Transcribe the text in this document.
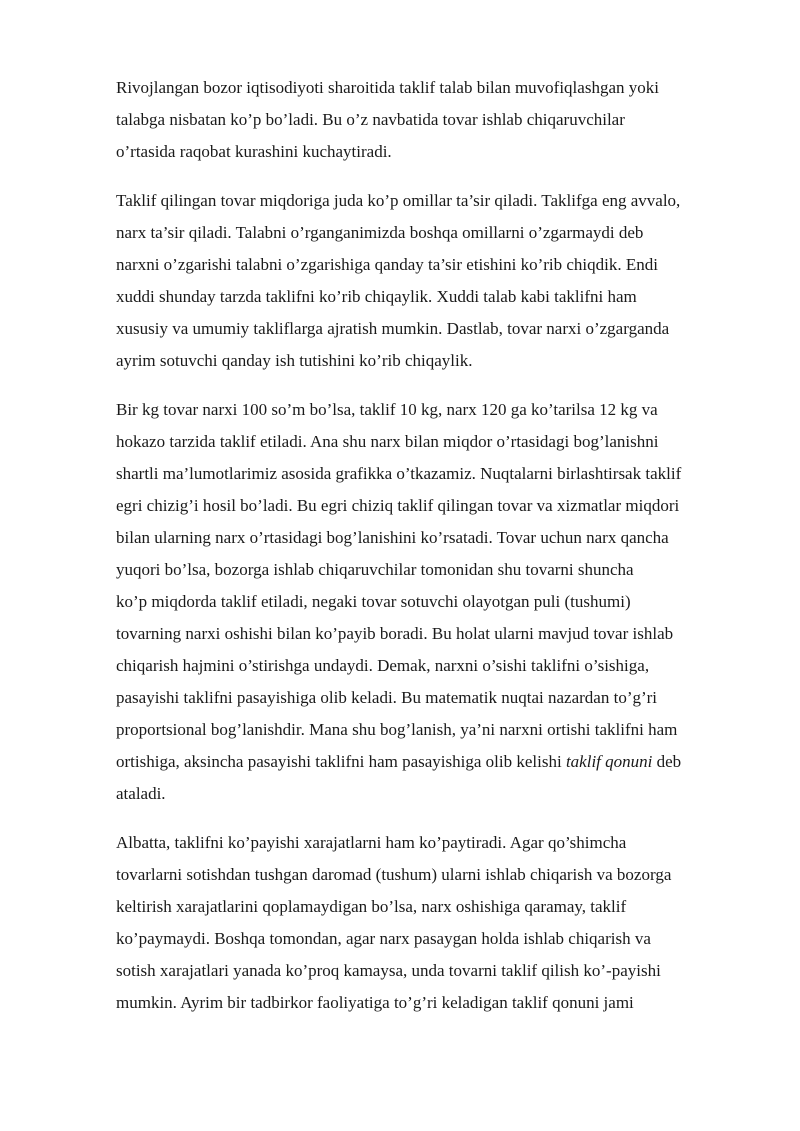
Rivojlangan bozor iqtisodiyoti sharoitida taklif talab bilan muvofiqlashgan yoki
talabga nisbatan ko’p bo’ladi. Bu o’z navbatida tovar ishlab chiqaruvchilar
o’rtasida raqobat kurashini kuchaytiradi.

Taklif qilingan tovar miqdoriga juda ko’p omillar ta’sir qiladi. Taklifga eng avvalo,
narx ta’sir qiladi. Talabni o’rganganimizda boshqa omillarni o’zgarmaydi deb
narxni o’zgarishi talabni o’zgarishiga qanday ta’sir etishini ko’rib chiqdik. Endi
xuddi shunday tarzda taklifni ko’rib chiqaylik. Xuddi talab kabi taklifni ham
xususiy va umumiy takliflarga ajratish mumkin. Dastlab, tovar narxi o’zgarganda
ayrim sotuvchi qanday ish tutishini ko’rib chiqaylik.

Bir kg tovar narxi 100 so’m bo’lsa, taklif 10 kg, narx 120 ga ko’tarilsa 12 kg va
hokazo tarzida taklif etiladi. Ana shu narx bilan miqdor o’rtasidagi bog’lanishni
shartli ma’lumotlarimiz asosida grafikka o’tkazamiz. Nuqtalarni birlashtirsak taklif
egri chizig’i hosil bo’ladi. Bu egri chiziq taklif qilingan tovar va xizmatlar miqdori
bilan ularning narx o’rtasidagi bog’lanishini ko’rsatadi. Tovar uchun narx qancha
yuqori bo’lsa, bozorga ishlab chiqaruvchilar tomonidan shu tovarni shuncha
ko’p miqdorda taklif etiladi, negaki tovar sotuvchi olayotgan puli (tushumi)
tovarning narxi oshishi bilan ko’payib boradi. Bu holat ularni mavjud tovar ishlab
chiqarish hajmini o’stirishga undaydi. Demak, narxni o’sishi taklifni o’sishiga,
pasayishi taklifni pasayishiga olib keladi. Bu matematik nuqtai nazardan to’g’ri
proportsional bog’lanishdir. Mana shu bog’lanish, ya’ni narxni ortishi taklifni ham
ortishiga, aksincha pasayishi taklifni ham pasayishiga olib kelishi taklif qonuni deb
ataladi.

Albatta, taklifni ko’payishi xarajatlarni ham ko’paytiradi. Agar qo’shimcha
tovarlarni sotishdan tushgan daromad (tushum) ularni ishlab chiqarish va bozorga
keltirish xarajatlarini qoplamaydigan bo’lsa, narx oshishiga qaramay, taklif
ko’paymaydi. Boshqa tomondan, agar narx pasaygan holda ishlab chiqarish va
sotish xarajatlari yanada ko’proq kamaysa, unda tovarni taklif qilish ko’-payishi
mumkin. Ayrim bir tadbirkor faoliyatiga to’g’ri keladigan taklif qonuni jami
